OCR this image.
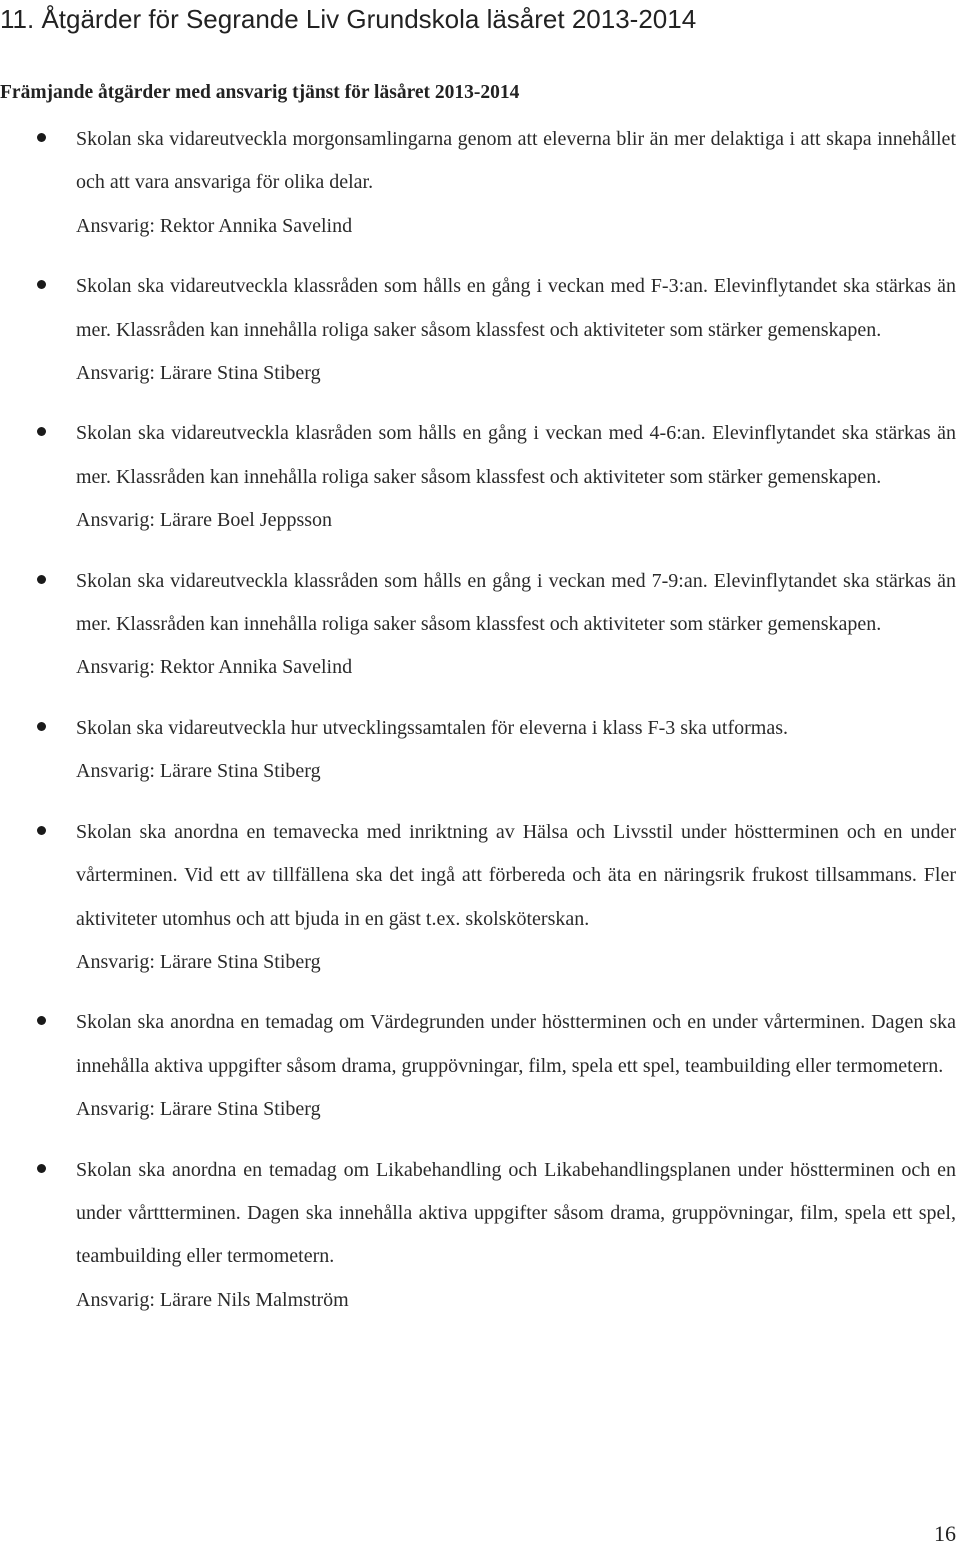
11. Åtgärder för Segrande Liv Grundskola läsåret 2013-2014
Främjande åtgärder med ansvarig tjänst för läsåret 2013-2014

Skolan ska vidareutveckla morgonsamlingarna genom att eleverna blir än mer delaktiga i att skapa innehållet och att vara ansvariga för olika delar.

Ansvarig: Rektor Annika Savelind

Skolan ska vidareutveckla klassråden som hålls en gång i veckan med F-3:an. Elevinflytandet ska stärkas än mer. Klassråden kan innehålla roliga saker såsom klassfest och aktiviteter som stärker gemenskapen.

Ansvarig: Lärare Stina Stiberg

Skolan ska vidareutveckla klasråden som hålls en gång i veckan med 4-6:an. Elevinflytandet ska stärkas än mer. Klassråden kan innehålla roliga saker såsom klassfest och aktiviteter som stärker gemenskapen.

Ansvarig: Lärare Boel Jeppsson

Skolan ska vidareutveckla klassråden som hålls en gång i veckan med 7-9:an. Elevinflytandet ska stärkas än mer. Klassråden kan innehålla roliga saker såsom klassfest och aktiviteter som stärker gemenskapen.

Ansvarig: Rektor Annika Savelind

Skolan ska vidareutveckla hur utvecklingssamtalen för eleverna i klass F-3 ska utformas.

Ansvarig: Lärare Stina Stiberg

Skolan ska anordna en temavecka med inriktning av Hälsa och Livsstil under höstterminen och en under vårterminen. Vid ett av tillfällena ska det ingå att förbereda och äta en näringsrik frukost tillsammans. Fler aktiviteter utomhus och att bjuda in en gäst t.ex. skolsköterskan.

Ansvarig: Lärare Stina Stiberg

Skolan ska anordna en temadag om Värdegrunden under höstterminen och en under vårterminen. Dagen ska innehålla aktiva uppgifter såsom drama, gruppövningar, film, spela ett spel, teambuilding eller termometern.

Ansvarig: Lärare Stina Stiberg

Skolan ska anordna en temadag om Likabehandling och Likabehandlingsplanen under höstterminen och en under vårttterminen. Dagen ska innehålla aktiva uppgifter såsom drama, gruppövningar, film, spela ett spel, teambuilding eller termometern.

Ansvarig: Lärare Nils Malmström

16
